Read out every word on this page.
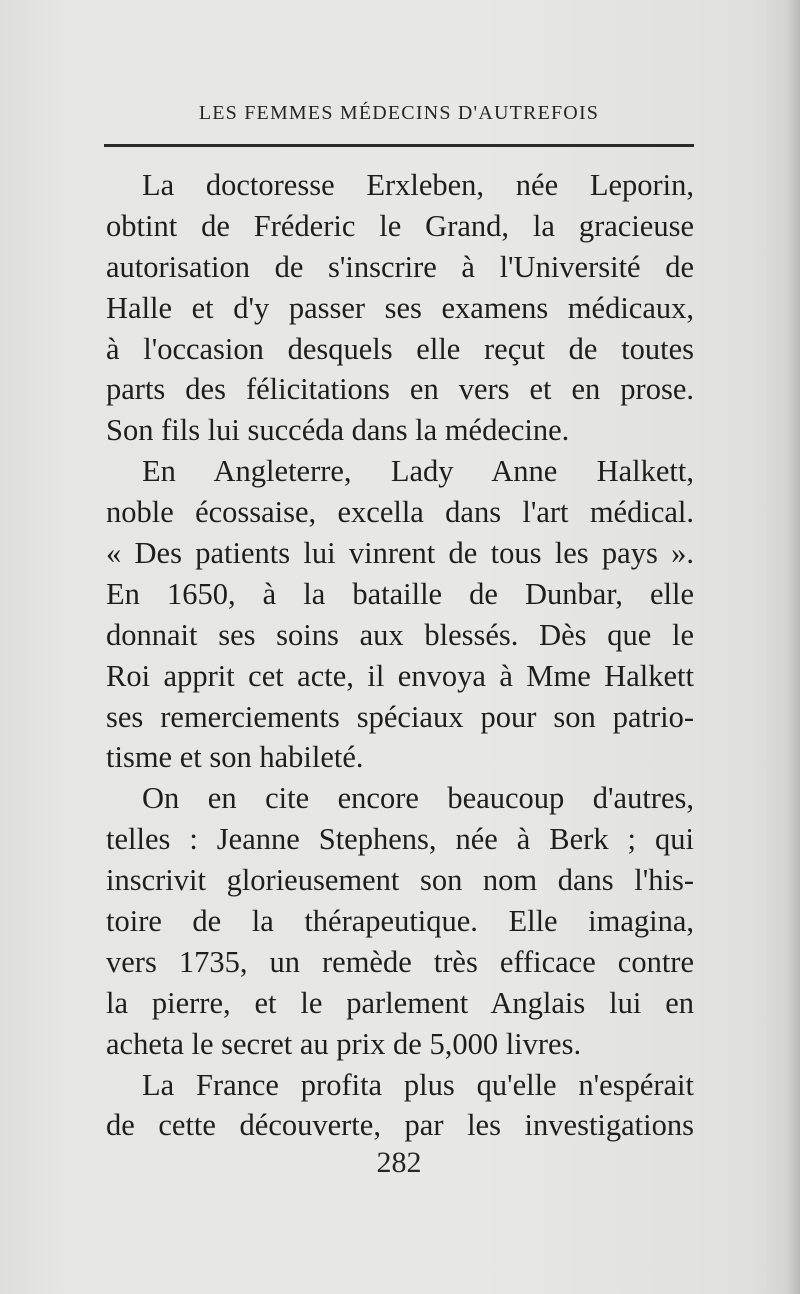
LES FEMMES MÉDECINS D'AUTREFOIS
La doctoresse Erxleben, née Leporin,
obtint de Fréderic le Grand, la gracieuse
autorisation de s'inscrire à l'Université de
Halle et d'y passer ses examens médicaux,
à l'occasion desquels elle reçut de toutes
parts des félicitations en vers et en prose.
Son fils lui succéda dans la médecine.
En Angleterre, Lady Anne Halkett,
noble écossaise, excella dans l'art médical.
« Des patients lui vinrent de tous les pays ».
En 1650, à la bataille de Dunbar, elle
donnait ses soins aux blessés. Dès que le
Roi apprit cet acte, il envoya à Mme Halkett
ses remerciements spéciaux pour son patrio-
tisme et son habileté.
On en cite encore beaucoup d'autres,
telles : Jeanne Stephens, née à Berk ; qui
inscrivit glorieusement son nom dans l'his-
toire de la thérapeutique. Elle imagina,
vers 1735, un remède très efficace contre
la pierre, et le parlement Anglais lui en
acheta le secret au prix de 5,000 livres.
La France profita plus qu'elle n'espérait
de cette découverte, par les investigations
282
